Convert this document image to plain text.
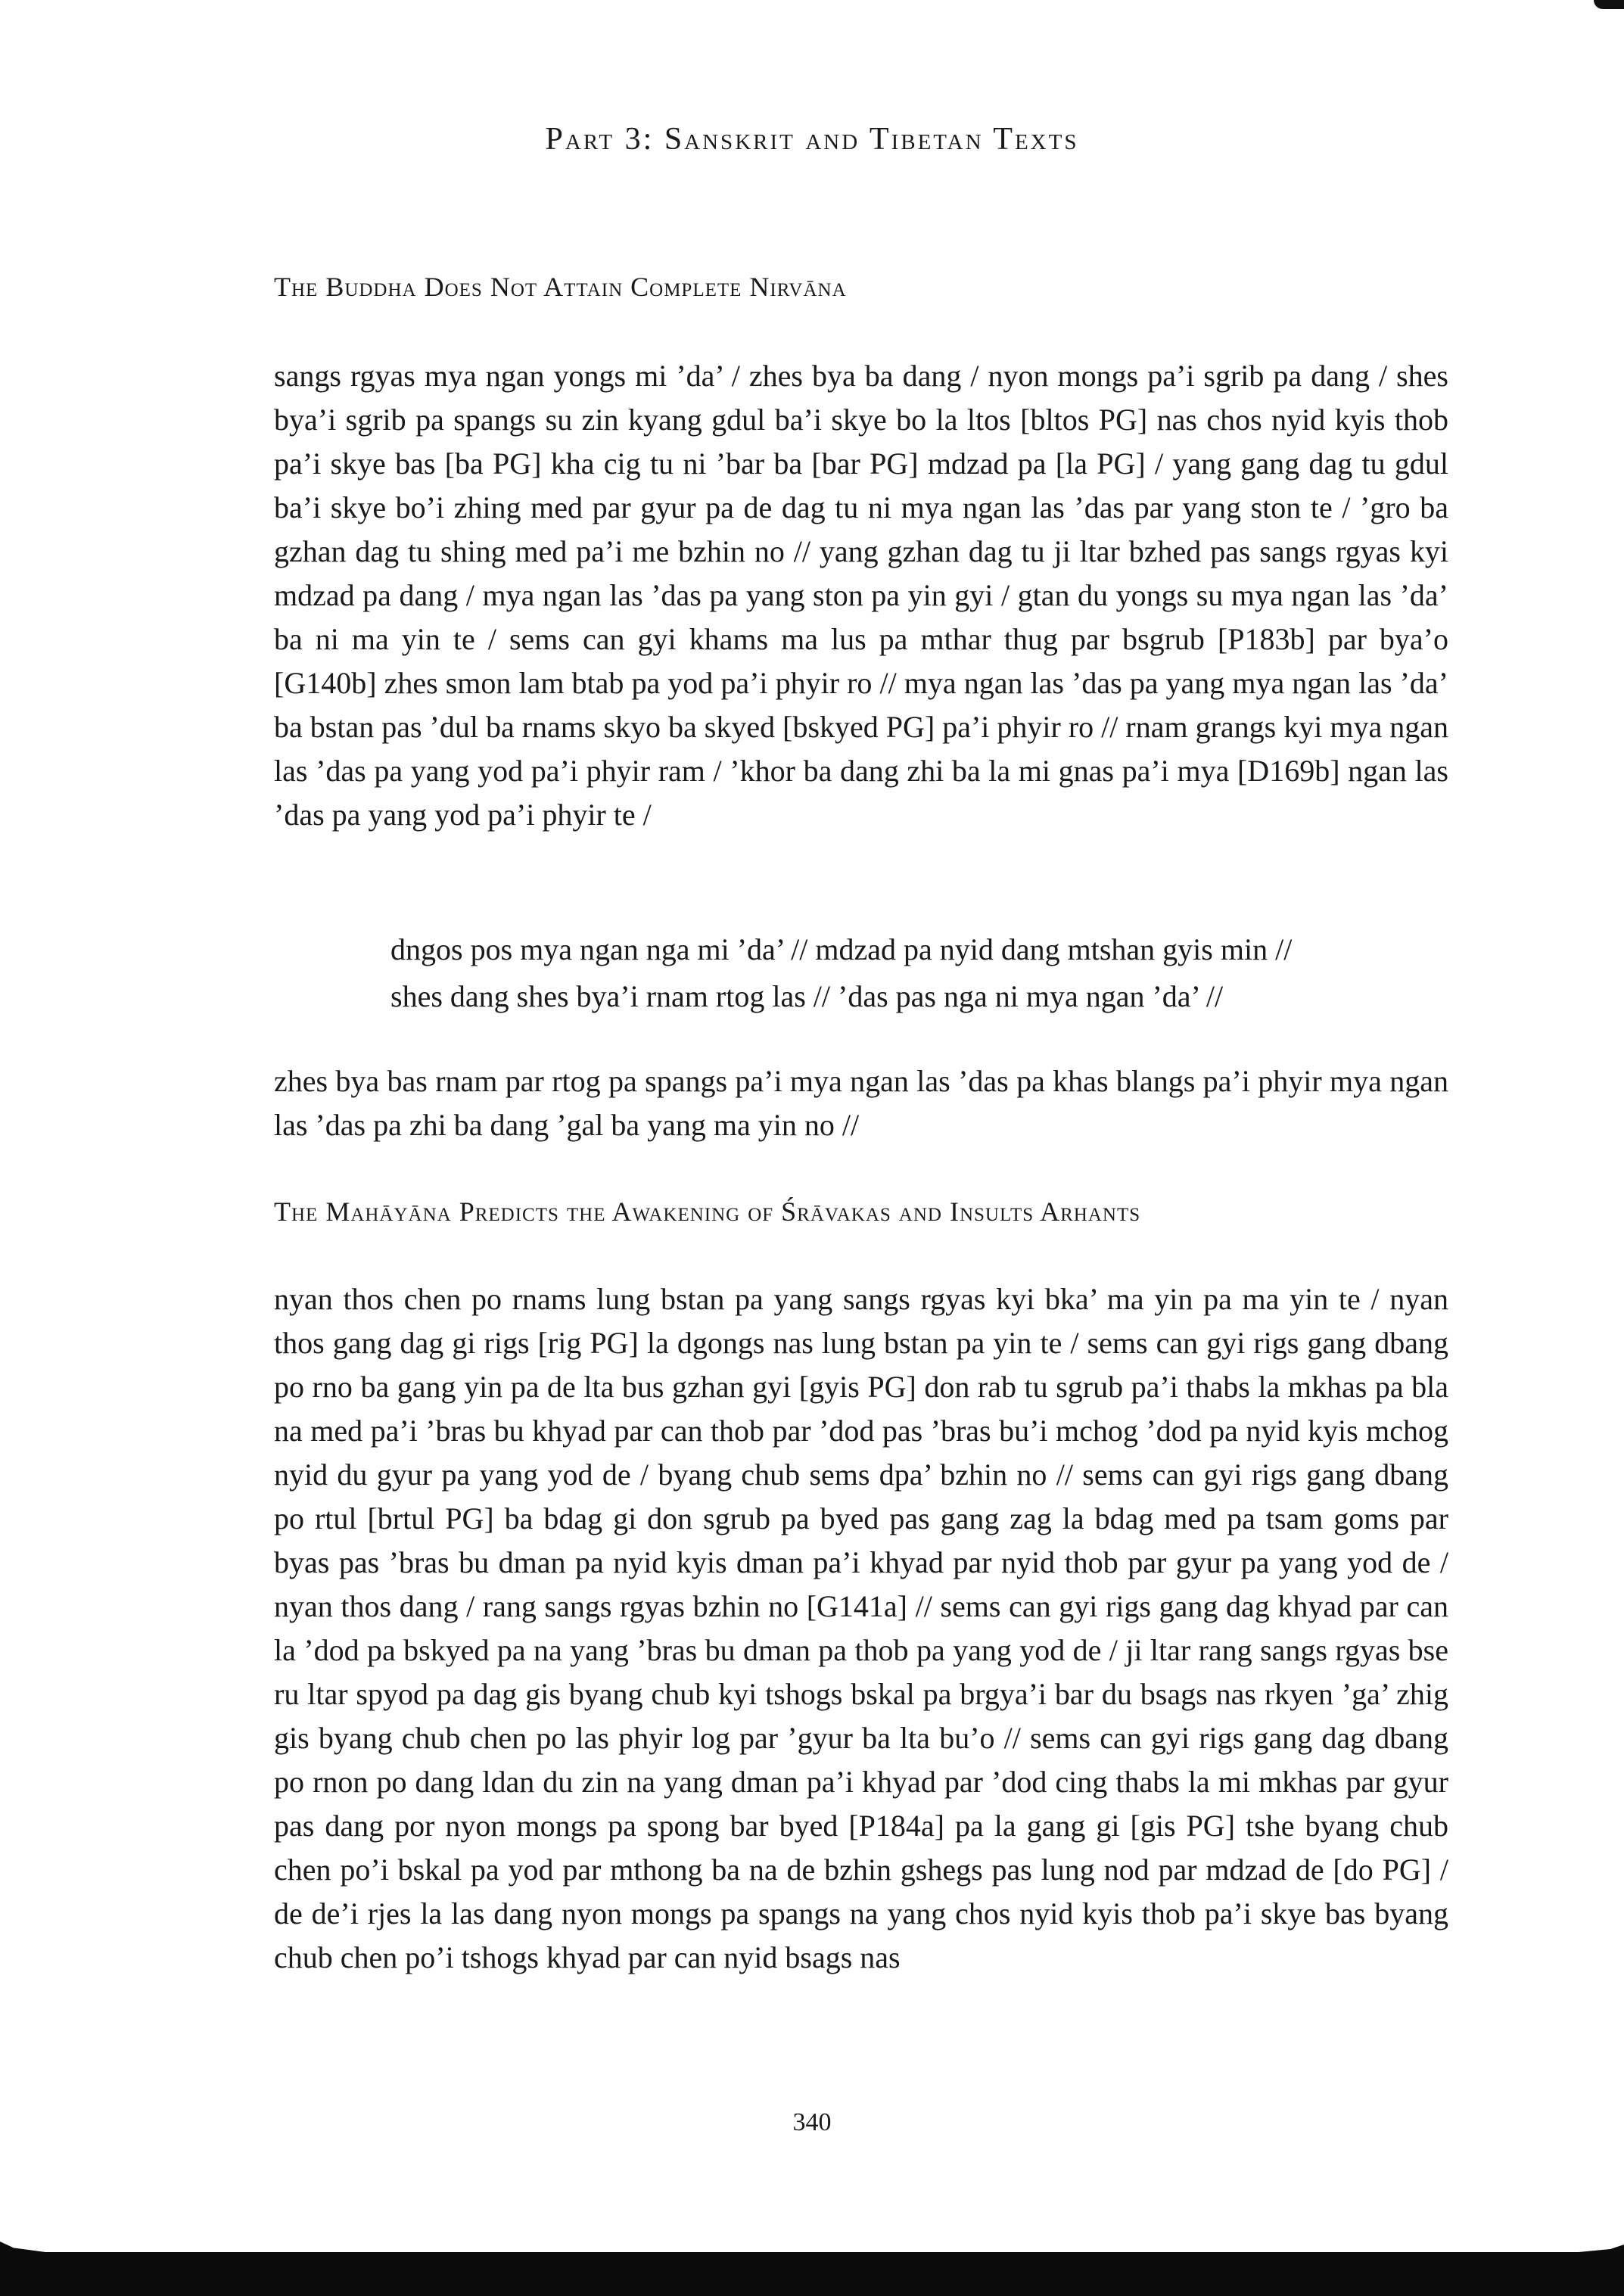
Part 3: Sanskrit and Tibetan Texts
The Buddha Does Not Attain Complete Nirvāna
sangs rgyas mya ngan yongs mi ’da’ / zhes bya ba dang / nyon mongs pa’i sgrib pa dang / shes bya’i sgrib pa spangs su zin kyang gdul ba’i skye bo la ltos [bltos PG] nas chos nyid kyis thob pa’i skye bas [ba PG] kha cig tu ni ’bar ba [bar PG] mdzad pa [la PG] / yang gang dag tu gdul ba’i skye bo’i zhing med par gyur pa de dag tu ni mya ngan las ’das par yang ston te / ’gro ba gzhan dag tu shing med pa’i me bzhin no // yang gzhan dag tu ji ltar bzhed pas sangs rgyas kyi mdzad pa dang / mya ngan las ’das pa yang ston pa yin gyi / gtan du yongs su mya ngan las ’da’ ba ni ma yin te / sems can gyi khams ma lus pa mthar thug par bsgrub [P183b] par bya’o [G140b] zhes smon lam btab pa yod pa’i phyir ro // mya ngan las ’das pa yang mya ngan las ’da’ ba bstan pas ’dul ba rnams skyo ba skyed [bskyed PG] pa’i phyir ro // rnam grangs kyi mya ngan las ’das pa yang yod pa’i phyir ram / ’khor ba dang zhi ba la mi gnas pa’i mya [D169b] ngan las ’das pa yang yod pa’i phyir te /
dngos pos mya ngan nga mi ’da’ // mdzad pa nyid dang mtshan gyis min //
shes dang shes bya’i rnam rtog las // ’das pas nga ni mya ngan ’da’ //
zhes bya bas rnam par rtog pa spangs pa’i mya ngan las ’das pa khas blangs pa’i phyir mya ngan las ’das pa zhi ba dang ’gal ba yang ma yin no //
The Mahāyāna Predicts the Awakening of Śrāvakas and Insults Arhants
nyan thos chen po rnams lung bstan pa yang sangs rgyas kyi bka’ ma yin pa ma yin te / nyan thos gang dag gi rigs [rig PG] la dgongs nas lung bstan pa yin te / sems can gyi rigs gang dbang po rno ba gang yin pa de lta bus gzhan gyi [gyis PG] don rab tu sgrub pa’i thabs la mkhas pa bla na med pa’i ’bras bu khyad par can thob par ’dod pas ’bras bu’i mchog ’dod pa nyid kyis mchog nyid du gyur pa yang yod de / byang chub sems dpa’ bzhin no // sems can gyi rigs gang dbang po rtul [brtul PG] ba bdag gi don sgrub pa byed pas gang zag la bdag med pa tsam goms par byas pas ’bras bu dman pa nyid kyis dman pa’i khyad par nyid thob par gyur pa yang yod de / nyan thos dang / rang sangs rgyas bzhin no [G141a] // sems can gyi rigs gang dag khyad par can la ’dod pa bskyed pa na yang ’bras bu dman pa thob pa yang yod de / ji ltar rang sangs rgyas bse ru ltar spyod pa dag gis byang chub kyi tshogs bskal pa brgya’i bar du bsags nas rkyen ’ga’ zhig gis byang chub chen po las phyir log par ’gyur ba lta bu’o // sems can gyi rigs gang dag dbang po rnon po dang ldan du zin na yang dman pa’i khyad par ’dod cing thabs la mi mkhas par gyur pas dang por nyon mongs pa spong bar byed [P184a] pa la gang gi [gis PG] tshe byang chub chen po’i bskal pa yod par mthong ba na de bzhin gshegs pas lung nod par mdzad de [do PG] / de de’i rjes la las dang nyon mongs pa spangs na yang chos nyid kyis thob pa’i skye bas byang chub chen po’i tshogs khyad par can nyid bsags nas
340
